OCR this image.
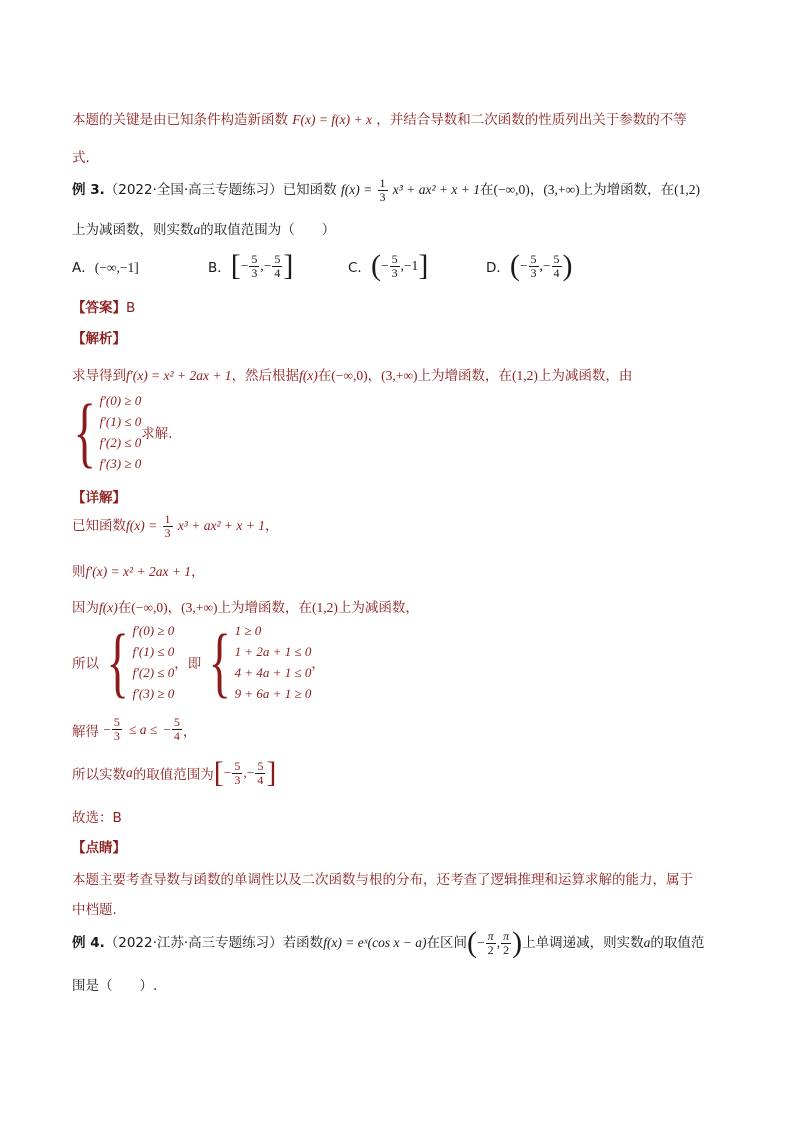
本题的关键是由已知条件构造新函数 F(x) = f(x) + x ，并结合导数和二次函数的性质列出关于参数的不等
式.
例 3.（2022·全国·高三专题练习）已知函数 $f(x) = \frac{1}{3} x^3 + ax^2 + x + 1$在(−∞,0)，(3,+∞)上为增函数，在(1,2)
上为减函数，则实数a的取值范围为（　　）
A．(−∞,−1]	B． [ − $\frac{5}{3}$ ,− $\frac{5}{4}$ ]	C． ( − $\frac{5}{3}$ , −1 ]	D． ( − $\frac{5}{3}$ ,− $\frac{5}{4}$ )
【答案】B
【解析】
求导得到f′(x) = x² + 2ax + 1，然后根据f(x)在(−∞,0)，(3,+∞)上为增函数，在(1,2)上为减函数，由
{ f′(0) ≥ 0
f′(1) ≤ 0
f′(2) ≤ 0
f′(3) ≥ 0
求解.
【详解】
已知函数$f(x) = \frac{1}{3} x^3 + ax^2 + x + 1$，
则f′(x) = x² + 2ax + 1，
因为f(x)在(−∞,0)，(3,+∞)上为增函数，在(1,2)上为减函数，
所以 { f′(0) ≥ 0
f′(1) ≤ 0
f′(2) ≤ 0
f′(3) ≥ 0
，即 { 1 ≥ 0
1 + 2a + 1 ≤ 0
4 + 4a + 1 ≤ 0
9 + 6a + 1 ≥ 0
，
解得
− $\frac{5}{3} \le a$ ≤ − $\frac{5}{4}$ ，
所以实数 a 的取值范围为 [ − $\frac{5}{3}$ ,− $\frac{5}{4}$ ]
故选：B
【点睛】
本题主要考查导数与函数的单调性以及二次函数与根的分布，还考查了逻辑推理和运算求解的能力，属于
中档题.
例 4. （2022·江苏·高三专题练习） 若函数 f(x) = eˣ(cos x − a) 在区间 ( − $\frac{\pi}{2}$ , $\frac{\pi}{2}$ ) 上单调递减，则实数 a 的取值范
围是（　　）.
